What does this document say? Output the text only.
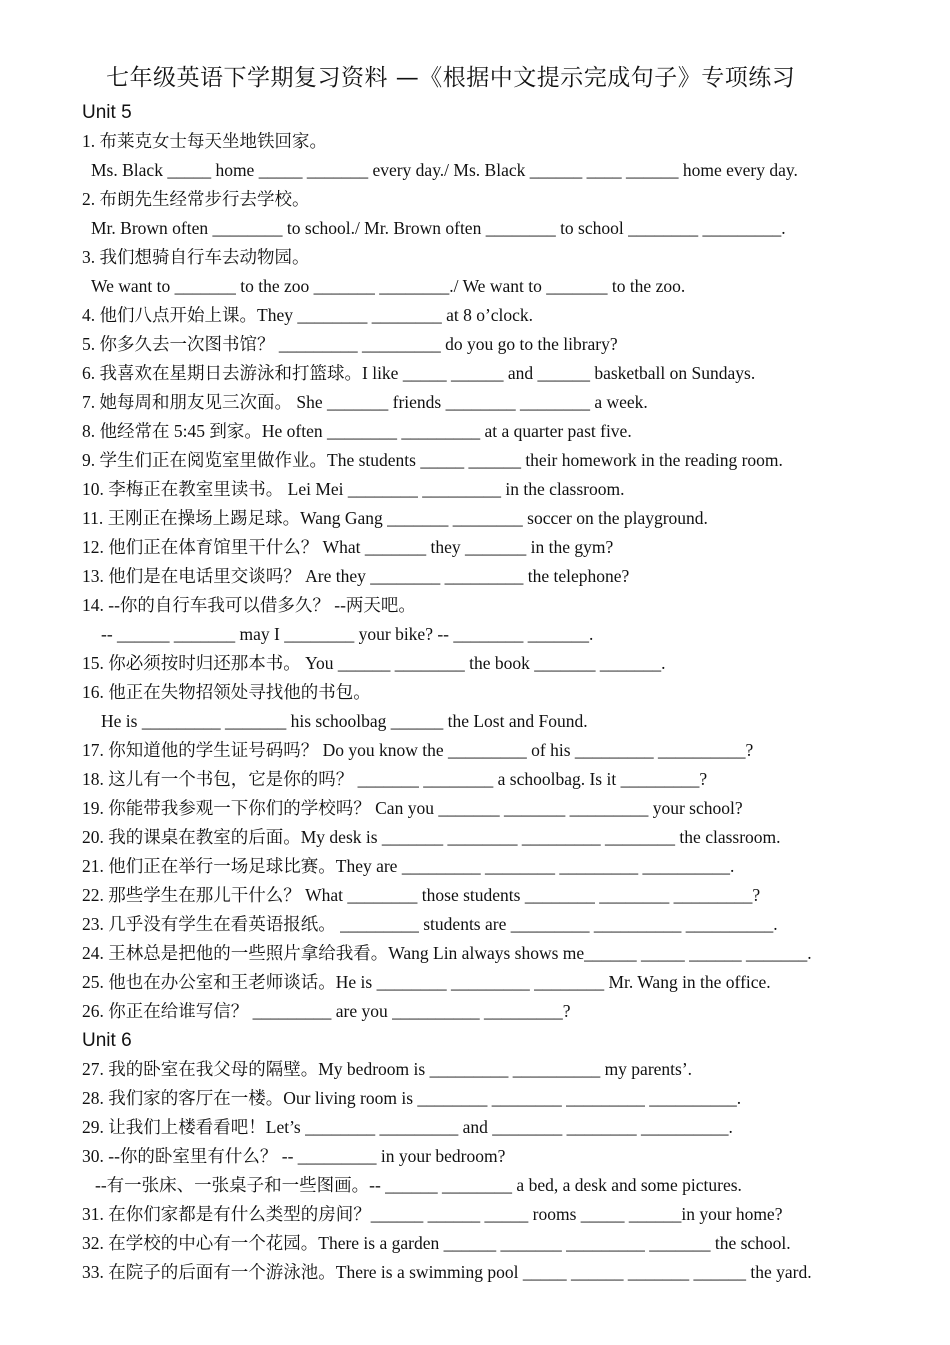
七年级英语下学期复习资料 —《根据中文提示完成句子》专项练习
Unit 5
1. 布莱克女士每天坐地铁回家。
Ms. Black _____ home _____ _______ every day./ Ms. Black ______ ____ ______ home every day.
2. 布朗先生经常步行去学校。
Mr. Brown often ________ to school./ Mr. Brown often ________ to school ________ _________.
3. 我们想骑自行车去动物园。
We want to _______ to the zoo _______ ________./ We want to _______ to the zoo.
4. 他们八点开始上课。They ________ ________ at 8 o’clock.
5. 你多久去一次图书馆？ _________ _________ do you go to the library?
6. 我喜欢在星期日去游泳和打篮球。I like _____ ______ and ______ basketball on Sundays.
7. 她每周和朋友见三次面。 She _______ friends ________ ________ a week.
8. 他经常在 5:45 到家。He often ________ _________ at a quarter past five.
9. 学生们正在阅览室里做作业。The students _____ ______ their homework in the reading room.
10. 李梅正在教室里读书。 Lei Mei ________ _________ in the classroom.
11. 王刚正在操场上踢足球。Wang Gang _______ ________ soccer on the playground.
12. 他们正在体育馆里干什么？ What _______ they _______ in the gym?
13. 他们是在电话里交谈吗？ Are they ________ _________ the telephone?
14. --你的自行车我可以借多久？ --两天吧。
-- ______ _______ may I ________ your bike? -- ________ _______.
15. 你必须按时归还那本书。 You ______ ________ the book _______ _______.
16. 他正在失物招领处寻找他的书包。
He is _________ _______ his schoolbag ______ the Lost and Found.
17. 你知道他的学生证号码吗？ Do you know the _________ of his _________ __________?
18. 这儿有一个书包，它是你的吗？ _______ ________ a schoolbag. Is it _________?
19. 你能带我参观一下你们的学校吗？ Can you _______ _______ _________ your school?
20. 我的课桌在教室的后面。My desk is _______ ________ _________ ________ the classroom.
21. 他们正在举行一场足球比赛。They are _________ ________ _________ __________.
22. 那些学生在那儿干什么？ What ________ those students ________ ________ _________?
23. 几乎没有学生在看英语报纸。 _________ students are _________ __________ __________.
24. 王林总是把他的一些照片拿给我看。Wang Lin always shows me______ _____ ______ _______.
25. 他也在办公室和王老师谈话。He is ________ _________ ________ Mr. Wang in the office.
26. 你正在给谁写信？ _________ are you __________ _________?
Unit 6
27. 我的卧室在我父母的隔壁。My bedroom is _________ __________ my parents’.
28. 我们家的客厅在一楼。Our living room is ________ ________ _________ __________.
29. 让我们上楼看看吧！Let’s ________ _________ and ________ ________ __________.
30. --你的卧室里有什么？ -- _________ in your bedroom?
--有一张床、一张桌子和一些图画。-- ______ ________ a bed, a desk and some pictures.
31. 在你们家都是有什么类型的房间？______ ______ _____ rooms _____ ______in your home?
32. 在学校的中心有一个花园。There is a garden ______ _______ _________ _______ the school.
33. 在院子的后面有一个游泳池。There is a swimming pool _____ ______ _______ ______ the yard.
